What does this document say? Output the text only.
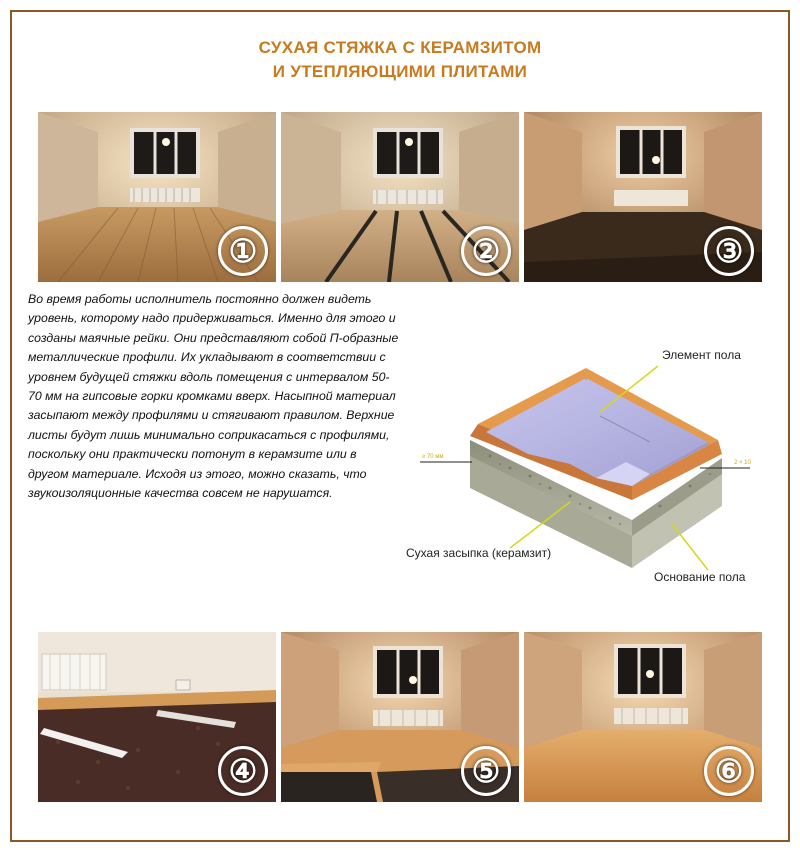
СУХАЯ СТЯЖКА С КЕРАМЗИТОМ
И УТЕПЛЯЮЩИМИ ПЛИТАМИ
①	②	③
Во время работы исполнитель постоянно должен видеть уровень, которому надо придерживаться. Именно для этого и созданы маячные рейки. Они представляют собой П-образные металлические профили. Их укладывают в соответствии с уровнем будущей стяжки вдоль помещения с интервалом 50-70 мм на гипсовые горки кромками вверх. Насыпной материал засыпают между профилями и стягивают правилом. Верхние листы будут лишь минимально соприкасаться с профилями, поскольку они практически потонут в керамзите или в другом материале. Исходя из этого, можно сказать, что звукоизоляционные качества совсем не нарушатся.
Элемент пола
Сухая засыпка (керамзит)
Основание пола
≥ 70 мм
2 × 10
④	⑤	⑥
